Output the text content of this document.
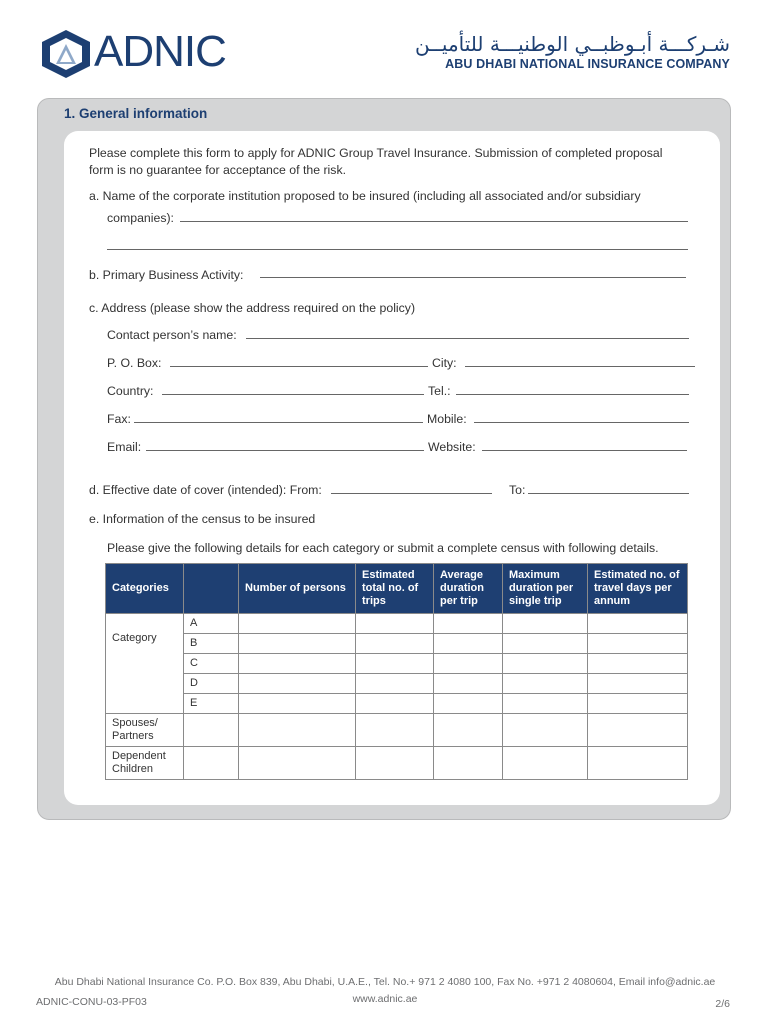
ADNIC	شـركـــة أبـوظبــي الوطنيـــة للتأميــن
ABU DHABI NATIONAL INSURANCE COMPANY
1. General information
Please complete this form to apply for ADNIC Group Travel Insurance. Submission of completed proposal
form is no guarantee for acceptance of the risk.
a. Name of the corporate institution proposed to be insured (including all associated and/or subsidiary
companies):
b. Primary Business Activity:
c. Address (please show the address required on the policy)
Contact person’s name:
P. O. Box:	City:
Country:	Tel.:
Fax:	Mobile:
Email:	Website:
d. Effective date of cover (intended): From:	To:
e. Information of the census to be insured
Please give the following details for each category or submit a complete census with following details.
Categories		Number of persons	Estimated total no. of trips	Average duration per trip	Maximum duration per single trip	Estimated no. of travel days per annum
Category	A					
	B					
	C					
	D					
	E					
Spouses/ Partners						
Dependent Children						
Abu Dhabi National Insurance Co. P.O. Box 839, Abu Dhabi, U.A.E., Tel. No.+ 971 2 4080 100, Fax No. +971 2 4080604, Email info@adnic.ae
www.adnic.ae
ADNIC-CONU-03-PF03	2/6
